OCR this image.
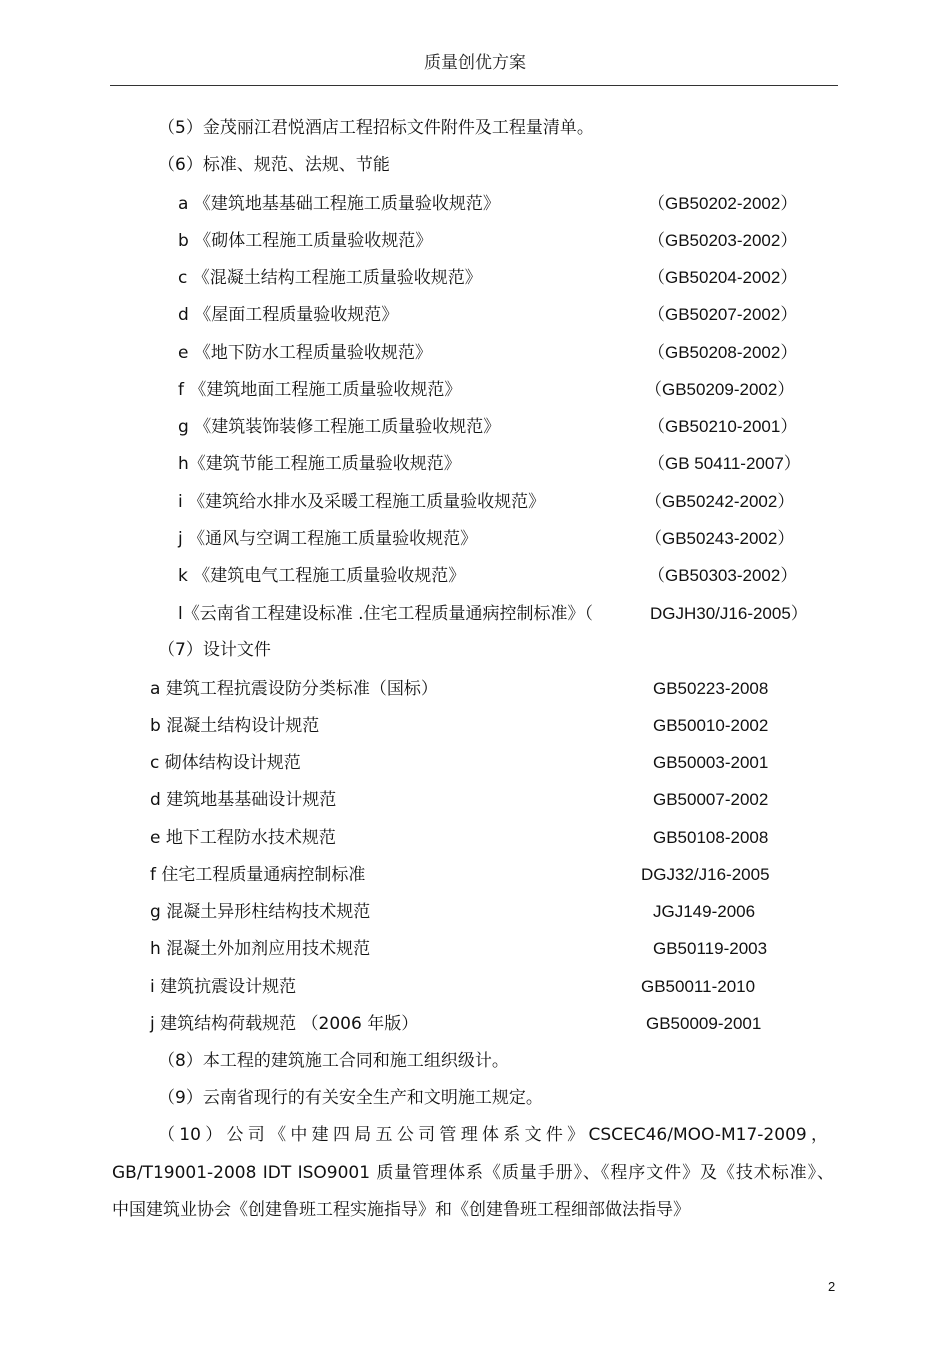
质量创优方案
（5）金茂丽江君悦酒店工程招标文件附件及工程量清单。
（6）标准、规范、法规、节能
a 《建筑地基基础工程施工质量验收规范》	（GB50202-2002）
b 《砌体工程施工质量验收规范》	（GB50203-2002）
c 《混凝土结构工程施工质量验收规范》	（GB50204-2002）
d 《屋面工程质量验收规范》	（GB50207-2002）
e 《地下防水工程质量验收规范》	（GB50208-2002）
f 《建筑地面工程施工质量验收规范》	（GB50209-2002）
g 《建筑装饰装修工程施工质量验收规范》	（GB50210-2001）
h《建筑节能工程施工质量验收规范》	（GB 50411-2007）
i 《建筑给水排水及采暖工程施工质量验收规范》	（GB50242-2002）
j 《通风与空调工程施工质量验收规范》	（GB50243-2002）
k 《建筑电气工程施工质量验收规范》	（GB50303-2002）
l《云南省工程建设标准 .住宅工程质量通病控制标准》（	DGJH30/J16-2005）
（7）设计文件
a 建筑工程抗震设防分类标准（国标）	GB50223-2008
b 混凝土结构设计规范	GB50010-2002
c 砌体结构设计规范	GB50003-2001
d 建筑地基基础设计规范	GB50007-2002
e 地下工程防水技术规范	GB50108-2008
f 住宅工程质量通病控制标准	DGJ32/J16-2005
g 混凝土异形柱结构技术规范	JGJ149-2006
h 混凝土外加剂应用技术规范	GB50119-2003
i 建筑抗震设计规范	GB50011-2010
j 建筑结构荷载规范 （2006 年版）	GB50009-2001
（8）本工程的建筑施工合同和施工组织级计。
（9）云南省现行的有关安全生产和文明施工规定。
（10）公司《中建四局五公司管理体系文件》CSCEC46/MOO-M17-2009，
GB/T19001-2008 IDT ISO9001 质量管理体系《质量手册》、《程序文件》及《技术标准》、
中国建筑业协会《创建鲁班工程实施指导》和《创建鲁班工程细部做法指导》
2
